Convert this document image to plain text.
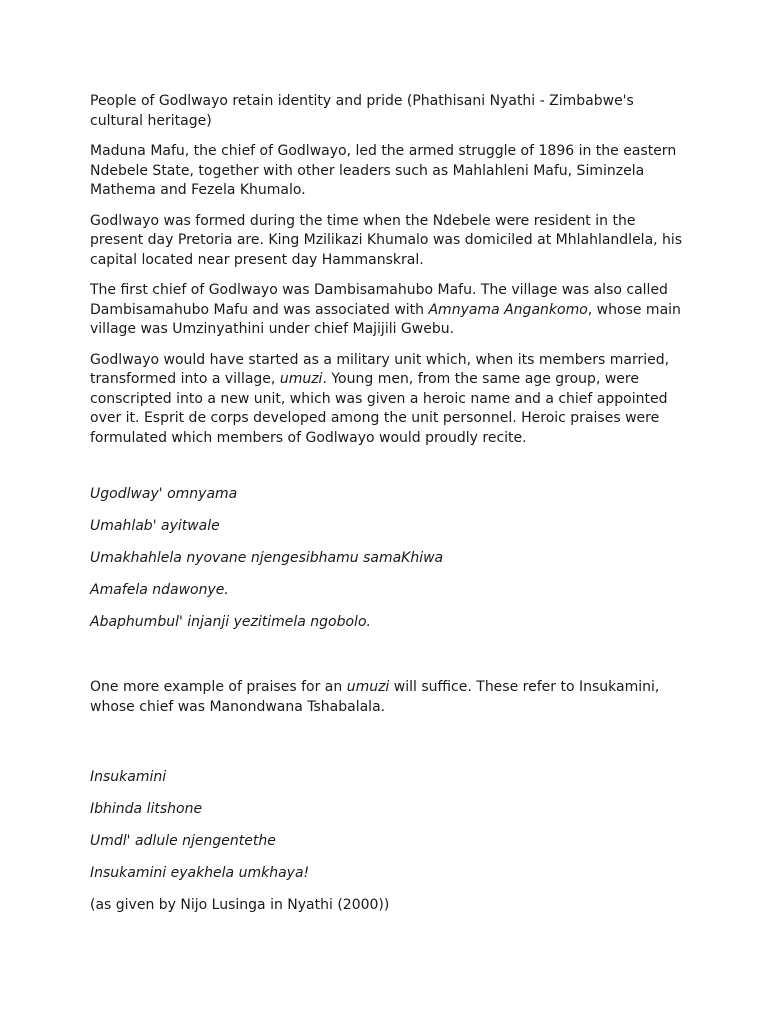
People of Godlwayo retain identity and pride (Phathisani Nyathi - Zimbabwe's cultural heritage)

Maduna Mafu, the chief of Godlwayo, led the armed struggle of 1896 in the eastern Ndebele State, together with other leaders such as Mahlahleni Mafu, Siminzela Mathema and Fezela Khumalo.

Godlwayo was formed during the time when the Ndebele were resident in the present day Pretoria are. King Mzilikazi Khumalo was domiciled at Mhlahlandlela, his capital located near present day Hammanskral.

The first chief of Godlwayo was Dambisamahubo Mafu. The village was also called Dambisamahubo Mafu and was associated with Amnyama Angankomo, whose main village was Umzinyathini under chief Majijili Gwebu.

Godlwayo would have started as a military unit which, when its members married, transformed into a village, umuzi. Young men, from the same age group, were conscripted into a new unit, which was given a heroic name and a chief appointed over it. Esprit de corps developed among the unit personnel. Heroic praises were formulated which members of Godlwayo would proudly recite.

Ugodlway' omnyama
Umahlab' ayitwale
Umakhahlela nyovane njengesibhamu samaKhiwa
Amafela ndawonye.
Abaphumbul' injanji yezitimela ngobolo.

One more example of praises for an umuzi will suffice. These refer to Insukamini, whose chief was Manondwana Tshabalala.

Insukamini
Ibhinda litshone
Umdl' adlule njengentethe
Insukamini eyakhela umkhaya!

(as given by Nijo Lusinga in Nyathi (2000))
